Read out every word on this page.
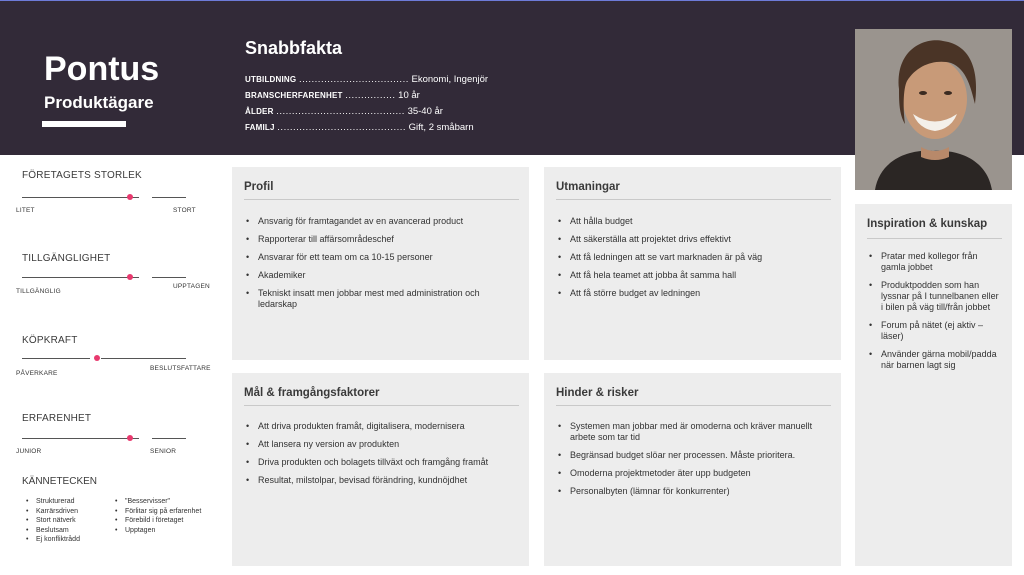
Pontus
Produktägare
Snabbfakta
UTBILDNING ................................... Ekonomi, Ingenjör
BRANSCHERFARENHET ................ 10 år
ÅLDER ......................................... 35-40 år
FAMILJ ......................................... Gift, 2 småbarn
FÖRETAGETS STORLEK
LITET	STORT
TILLGÄNGLIGHET
TILLGÄNGLIG
UPPTAGEN
KÖPKRAFT
PÅVERKARE
BESLUTSFATTARE
ERFARENHET
JUNIOR	SENIOR
KÄNNETECKEN
• Strukturerad
• Karrärsdriven
• Stort nätverk
• Beslutsam
• Ej konfliktrådd
• "Besservisser"
• Förlitar sig på erfarenhet
• Förebild i företaget
• Upptagen
Profil
• Ansvarig för framtagandet av en avancerad product
• Rapporterar till affärsområdeschef
• Ansvarar för ett team om ca 10-15 personer
• Akademiker
• Tekniskt insatt men jobbar mest med administration och ledarskap
Utmaningar
• Att hålla budget
• Att säkerställa att projektet drivs effektivt
• Att få ledningen att se vart marknaden är på väg
• Att få hela teamet att jobba åt samma hall
• Att få större budget av ledningen
Mål & framgångsfaktorer
• Att driva produkten framåt, digitalisera, modernisera
• Att lansera ny version av produkten
• Driva produkten och bolagets tillväxt och framgång framåt
• Resultat, milstolpar, bevisad förändring, kundnöjdhet
Hinder & risker
• Systemen man jobbar med är omoderna och kräver manuellt arbete som tar tid
• Begränsad budget slöar ner processen. Måste prioritera.
• Omoderna projektmetoder äter upp budgeten
• Personalbyten (lämnar för konkurrenter)
Inspiration & kunskap
• Pratar med kollegor från gamla jobbet
• Produktpodden som han lyssnar på I tunnelbanen eller i bilen på väg till/från jobbet
• Forum på nätet (ej aktiv – läser)
• Använder gärna mobil/padda när barnen lagt sig
